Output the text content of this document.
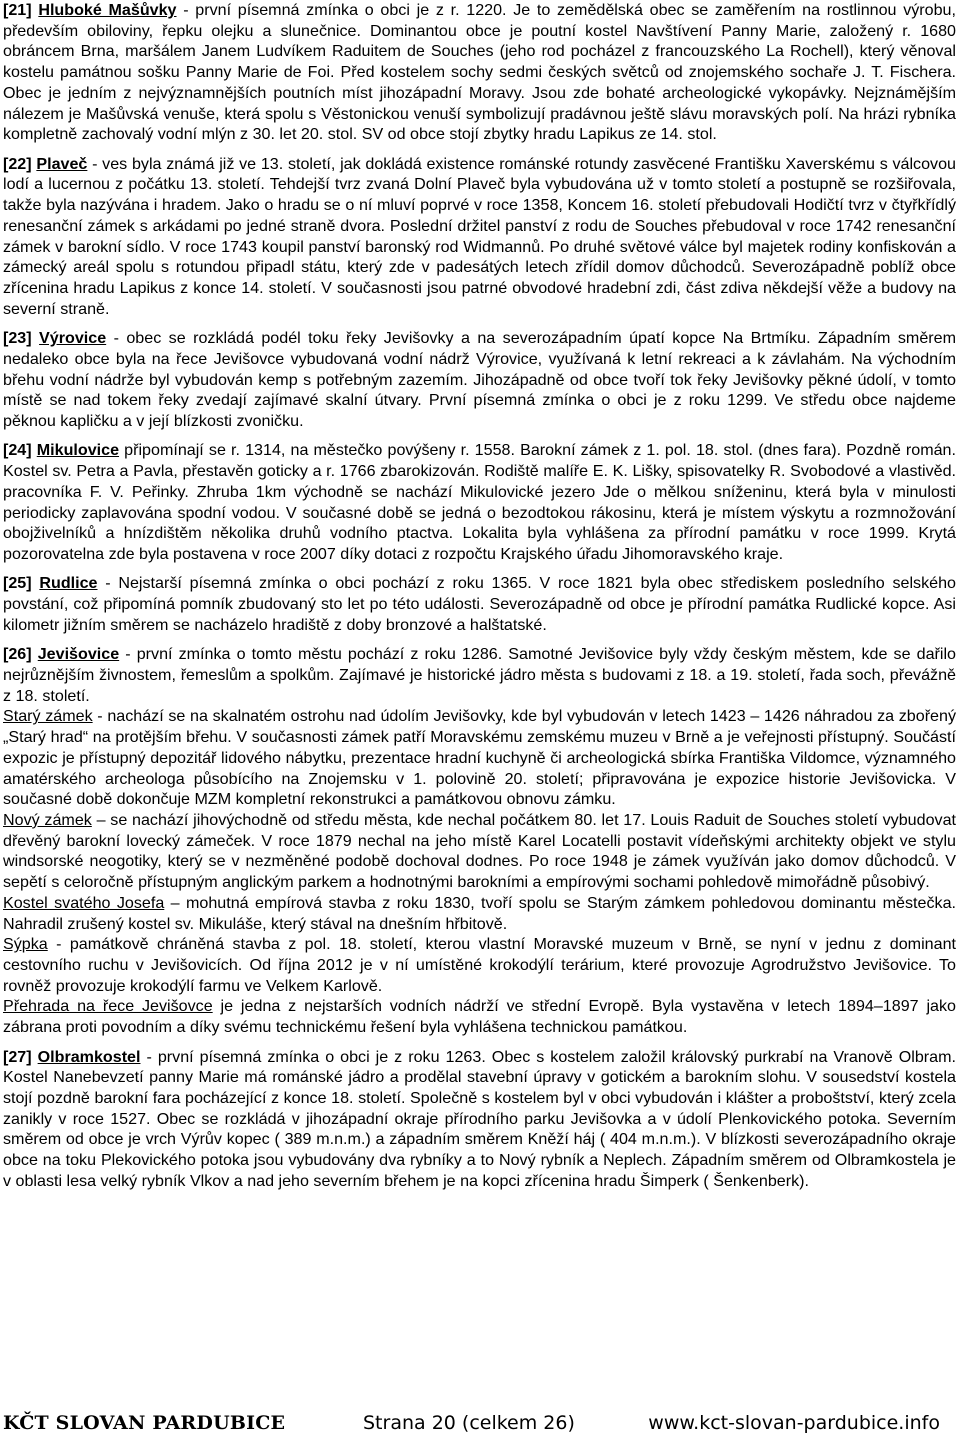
[21] Hluboké Mašůvky - první písemná zmínka o obci je z r. 1220. Je to zemědělská obec se zaměřením na rostlinnou výrobu, především obiloviny, řepku olejku a slunečnice. Dominantou obce je poutní kostel Navštívení Panny Marie, založený r. 1680 obráncem Brna, maršálem Janem Ludvíkem Raduitem de Souches (jeho rod pocházel z francouzského La Rochell), který věnoval kostelu památnou sošku Panny Marie de Foi. Před kostelem sochy sedmi českých světců od znojemského sochaře J. T. Fischera. Obec je jedním z nejvýznamnějších poutních míst jihozápadní Moravy. Jsou zde bohaté archeologické vykopávky. Nejznámějším nálezem je Mašůvská venuše, která spolu s Věstonickou venuší symbolizují pradávnou ještě slávu moravských polí. Na hrázi rybníka kompletně zachovalý vodní mlýn z 30. let 20. stol. SV od obce stojí zbytky hradu Lapikus ze 14. stol.

[22] Plaveč - ves byla známá již ve 13. století, jak dokládá existence románské rotundy zasvěcené Františku Xaverskému s válcovou lodí a lucernou z počátku 13. století. Tehdejší tvrz zvaná Dolní Plaveč byla vybudována už v tomto století a postupně se rozšiřovala, takže byla nazývána i hradem. Jako o hradu se o ní mluví poprvé v roce 1358, Koncem 16. století přebudovali Hodičtí tvrz v čtyřkřídlý renesanční zámek s arkádami po jedné straně dvora. Poslední držitel panství z rodu de Souches přebudoval v roce 1742 renesanční zámek v barokní sídlo. V roce 1743 koupil panství baronský rod Widmannů. Po druhé světové válce byl majetek rodiny konfiskován a zámecký areál spolu s rotundou připadl státu, který zde v padesátých letech zřídil domov důchodců. Severozápadně poblíž obce zřícenina hradu Lapikus z konce 14. století. V současnosti jsou patrné obvodové hradební zdi, část zdiva někdejší věže a budovy na severní straně.

[23] Výrovice - obec se rozkládá podél toku řeky Jevišovky a na severozápadním úpatí kopce Na Brtmíku. Západním směrem nedaleko obce byla na řece Jevišovce vybudovaná vodní nádrž Výrovice, využívaná k letní rekreaci a k závlahám. Na východním břehu vodní nádrže byl vybudován kemp s potřebným zazemím. Jihozápadně od obce tvoří tok řeky Jevišovky pěkné údolí, v tomto místě se nad tokem řeky zvedají zajímavé skalní útvary. První písemná zmínka o obci je z roku 1299. Ve středu obce najdeme pěknou kapličku a v její blízkosti zvoničku.

[24] Mikulovice připomínají se r. 1314, na městečko povýšeny r. 1558. Barokní zámek z 1. pol. 18. stol. (dnes fara). Pozdně román. Kostel sv. Petra a Pavla, přestavěn goticky a r. 1766 zbarokizován. Rodiště malíře E. K. Lišky, spisovatelky R. Svobodové a vlastivěd. pracovníka F. V. Peřinky. Zhruba 1km východně se nachází Mikulovické jezero Jde o mělkou sníženinu, která byla v minulosti periodicky zaplavována spodní vodou. V současné době se jedná o bezodtokou rákosinu, která je místem výskytu a rozmnožování obojživelníků a hnízdištěm několika druhů vodního ptactva. Lokalita byla vyhlášena za přírodní památku v roce 1999. Krytá pozorovatelna zde byla postavena v roce 2007 díky dotaci z rozpočtu Krajského úřadu Jihomoravského kraje.

[25] Rudlice - Nejstarší písemná zmínka o obci pochází z roku 1365. V roce 1821 byla obec střediskem posledního selského povstání, což připomíná pomník zbudovaný sto let po této události. Severozápadně od obce je přírodní památka Rudlické kopce. Asi kilometr jižním směrem se nacházelo hradiště z doby bronzové a halštatské.

[26] Jevišovice - první zmínka o tomto městu pochází z roku 1286. Samotné Jevišovice byly vždy českým městem, kde se dařilo nejrůznějším živnostem, řemeslům a spolkům. Zajímavé je historické jádro města s budovami z 18. a 19. století, řada soch, převážně z 18. století.

Starý zámek - nachází se na skalnatém ostrohu nad údolím Jevišovky, kde byl vybudován v letech 1423 – 1426 náhradou za zbořený „Starý hrad“ na protějším břehu. V současnosti zámek patří Moravskému zemskému muzeu v Brně a je veřejnosti přístupný. Součástí expozic je přístupný depozitář lidového nábytku, prezentace hradní kuchyně či archeologická sbírka Františka Vildomce, významného amatérského archeologa působícího na Znojemsku v 1. polovině 20. století; připravována je expozice historie Jevišovicka. V současné době dokončuje MZM kompletní rekonstrukci a památkovou obnovu zámku.

Nový zámek – se nachází jihovýchodně od středu města, kde nechal počátkem 80. let 17. Louis Raduit de Souches století vybudovat dřevěný barokní lovecký zámeček. V roce 1879 nechal na jeho místě Karel Locatelli postavit vídeňskými architekty objekt ve stylu windsorské neogotiky, který se v nezměněné podobě dochoval dodnes. Po roce 1948 je zámek využíván jako domov důchodců. V sepětí s celoročně přístupným anglickým parkem a hodnotnými barokními a empírovými sochami pohledově mimořádně působivý.

Kostel svatého Josefa – mohutná empírová stavba z roku 1830, tvoří spolu se Starým zámkem pohledovou dominantu městečka. Nahradil zrušený kostel sv. Mikuláše, který stával na dnešním hřbitově.

Sýpka - památkově chráněná stavba z pol. 18. století, kterou vlastní Moravské muzeum v Brně, se nyní v jednu z dominant cestovního ruchu v Jevišovicích. Od října 2012 je v ní umístěné krokodýlí terárium, které provozuje Agrodružstvo Jevišovice. To rovněž provozuje krokodýlí farmu ve Velkem Karlově.

Přehrada na řece Jevišovce je jedna z nejstarších vodních nádrží ve střední Evropě. Byla vystavěna v letech 1894–1897 jako zábrana proti povodním a díky svému technickému řešení byla vyhlášena technickou památkou.

[27] Olbramkostel - první písemná zmínka o obci je z roku 1263. Obec s kostelem založil královský purkrabí na Vranově Olbram. Kostel Nanebevzetí panny Marie má románské jádro a prodělal stavební úpravy v gotickém a barokním slohu. V sousedství kostela stojí pozdně barokní fara pocházející z konce 18. století. Společně s kostelem byl v obci vybudován i klášter a proboštství, který zcela zanikly v roce 1527. Obec se rozkládá v jihozápadní okraje přírodního parku Jevišovka a v údolí Plenkovického potoka. Severním směrem od obce je vrch Výrův kopec ( 389 m.n.m.) a západním směrem Kněží háj ( 404 m.n.m.). V blízkosti severozápadního okraje obce na toku Plekovického potoka jsou vybudovány dva rybníky a to Nový rybník a Neplech. Západním směrem od Olbramkostela je v oblasti lesa velký rybník Vlkov a nad jeho severním břehem je na kopci zřícenina hradu Šimperk ( Šenkenberk).

KČT SLOVAN PARDUBICE	Strana 20 (celkem 26)	www.kct-slovan-pardubice.info
